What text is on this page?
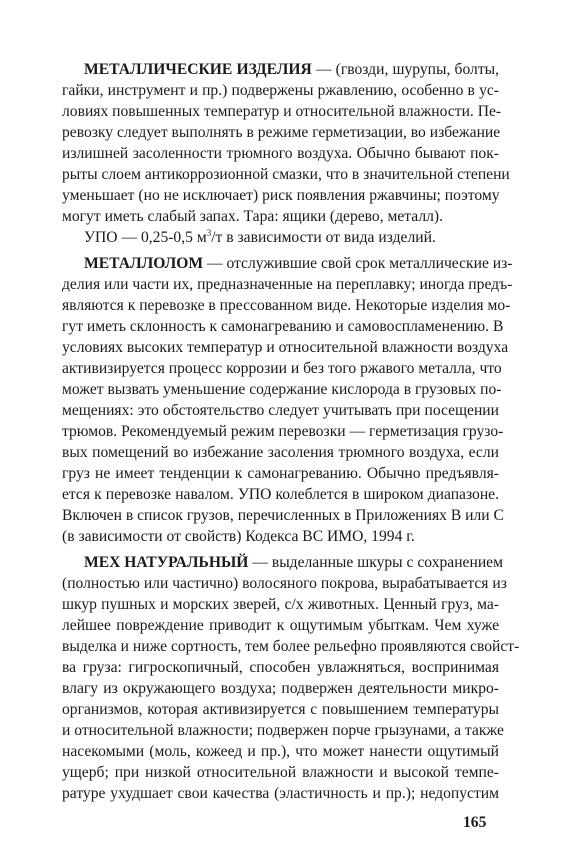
МЕТАЛЛИЧЕСКИЕ ИЗДЕЛИЯ — (гвозди, шурупы, болты,
гайки, инструмент и пр.) подвержены ржавлению, особенно в ус-
ловиях повышенных температур и относительной влажности. Пе-
ревозку следует выполнять в режиме герметизации, во избежание
излишней засоленности трюмного воздуха. Обычно бывают пок-
рыты слоем антикоррозионной смазки, что в значительной степени
уменьшает (но не исключает) риск появления ржавчины; поэтому
могут иметь слабый запах. Тара: ящики (дерево, металл).
УПО — 0,25-0,5 $м^3/т$ в зависимости от вида изделий.
МЕТАЛЛОЛОМ — отслужившие свой срок металлические из-
делия или части их, предназначенные на переплавку; иногда предъ-
являются к перевозке в прессованном виде. Некоторые изделия мо-
гут иметь склонность к самонагреванию и самовоспламенению. В
условиях высоких температур и относительной влажности воздуха
активизируется процесс коррозии и без того ржавого металла, что
может вызвать уменьшение содержание кислорода в грузовых по-
мещениях: это обстоятельство следует учитывать при посещении
трюмов. Рекомендуемый режим перевозки — герметизация грузо-
вых помещений во избежание засоления трюмного воздуха, если
груз не имеет тенденции к самонагреванию. Обычно предъявля-
ется к перевозке навалом. УПО колеблется в широком диапазоне.
Включен в список грузов, перечисленных в Приложениях В или С
(в зависимости от свойств) Кодекса ВС ИМО, 1994 г.
МЕХ НАТУРАЛЬНЫЙ — выделанные шкуры с сохранением
(полностью или частично) волосяного покрова, вырабатывается из
шкур пушных и морских зверей, с/х животных. Ценный груз, ма-
лейшее повреждение приводит к ощутимым убыткам. Чем хуже
выделка и ниже сортность, тем более рельефно проявляются свойст-
ва груза: гигроскопичный, способен увлажняться, воспринимая
влагу из окружающего воздуха; подвержен деятельности микро-
организмов, которая активизируется с повышением температуры
и относительной влажности; подвержен порче грызунами, а также
насекомыми (моль, кожеед и пр.), что может нанести ощутимый
ущерб; при низкой относительной влажности и высокой темпе-
ратуре ухудшает свои качества (эластичность и пр.); недопустим
165
